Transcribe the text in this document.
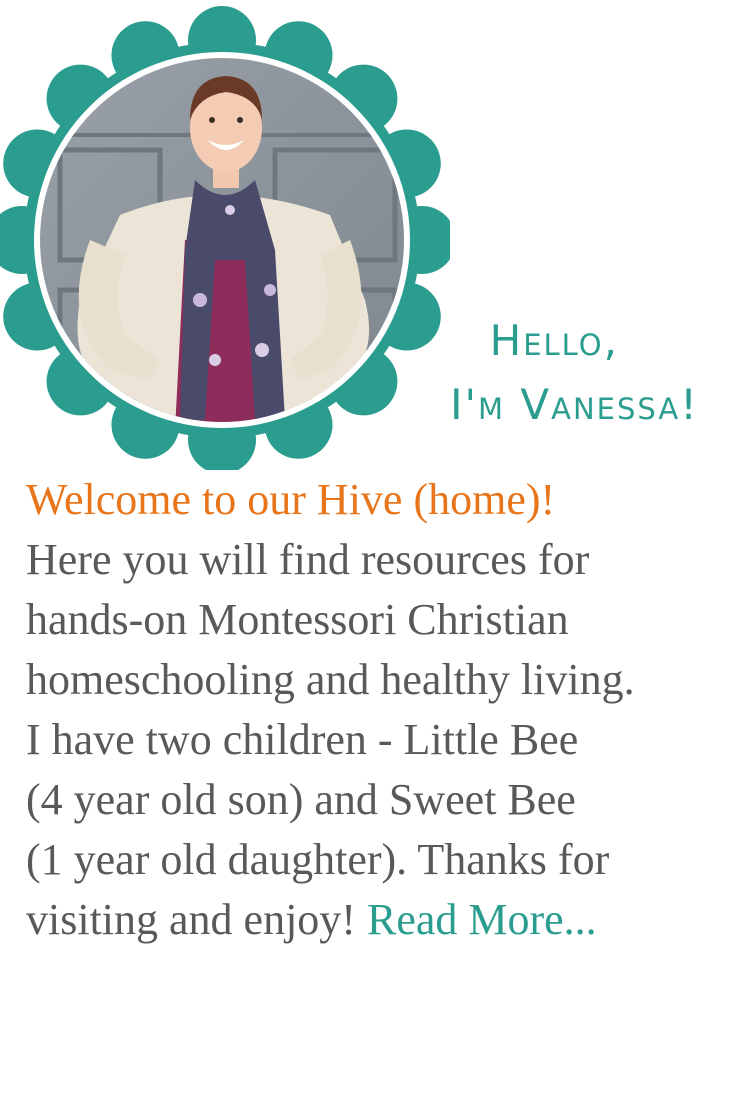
Hello,
I'm Vanessa!
Welcome to our Hive (home)!
Here you will find resources for
hands-on Montessori Christian
homeschooling and healthy living.
I have two children - Little Bee
(4 year old son) and Sweet Bee
(1 year old daughter). Thanks for
visiting and enjoy! Read More...
